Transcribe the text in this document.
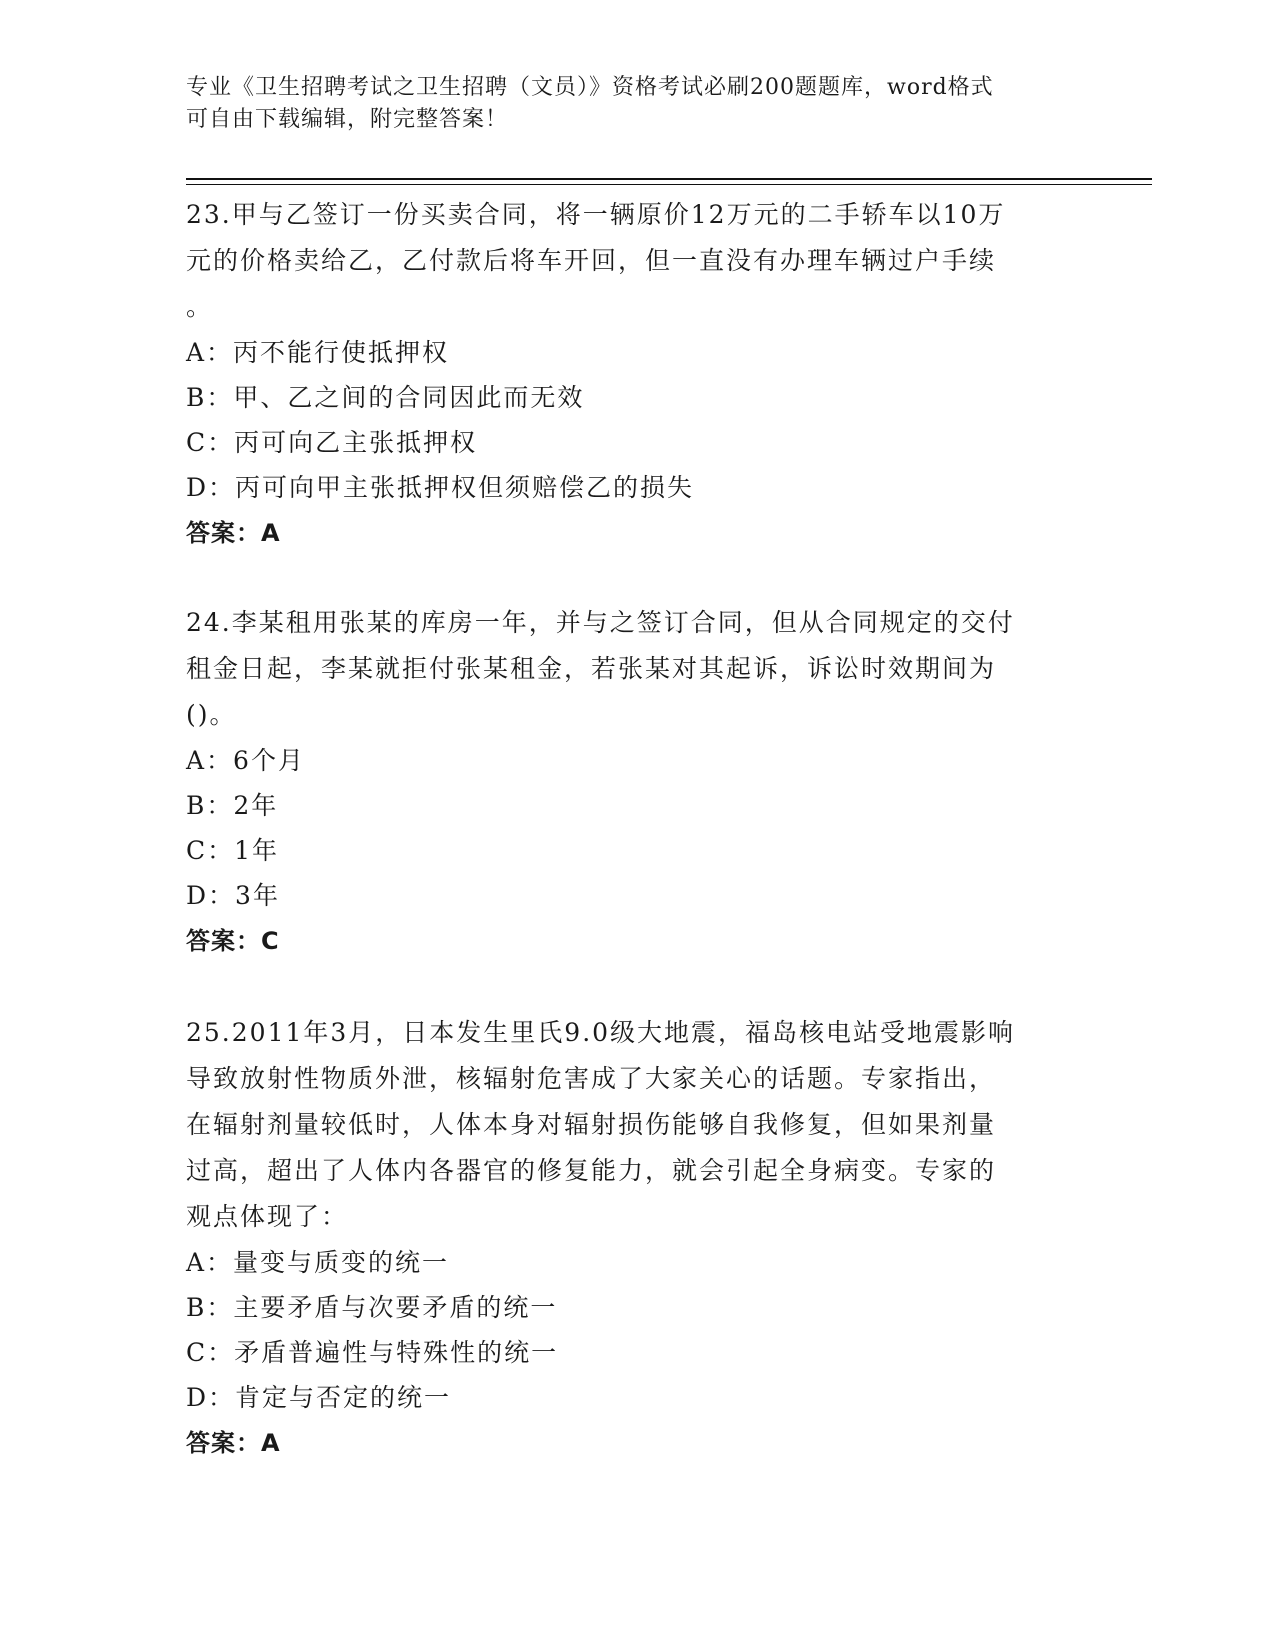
专业《卫生招聘考试之卫生招聘（文员）》资格考试必刷200题题库，word格式
可自由下载编辑，附完整答案！
23.甲与乙签订一份买卖合同，将一辆原价12万元的二手轿车以10万
元的价格卖给乙，乙付款后将车开回，但一直没有办理车辆过户手续
。
A：丙不能行使抵押权
B：甲、乙之间的合同因此而无效
C：丙可向乙主张抵押权
D：丙可向甲主张抵押权但须赔偿乙的损失
答案：A
24.李某租用张某的库房一年，并与之签订合同，但从合同规定的交付
租金日起，李某就拒付张某租金，若张某对其起诉，诉讼时效期间为
()。
A：6个月
B：2年
C：1年
D：3年
答案：C
25.2011年3月，日本发生里氏9.0级大地震，福岛核电站受地震影响
导致放射性物质外泄，核辐射危害成了大家关心的话题。专家指出，
在辐射剂量较低时，人体本身对辐射损伤能够自我修复，但如果剂量
过高，超出了人体内各器官的修复能力，就会引起全身病变。专家的
观点体现了：
A：量变与质变的统一
B：主要矛盾与次要矛盾的统一
C：矛盾普遍性与特殊性的统一
D：肯定与否定的统一
答案：A
